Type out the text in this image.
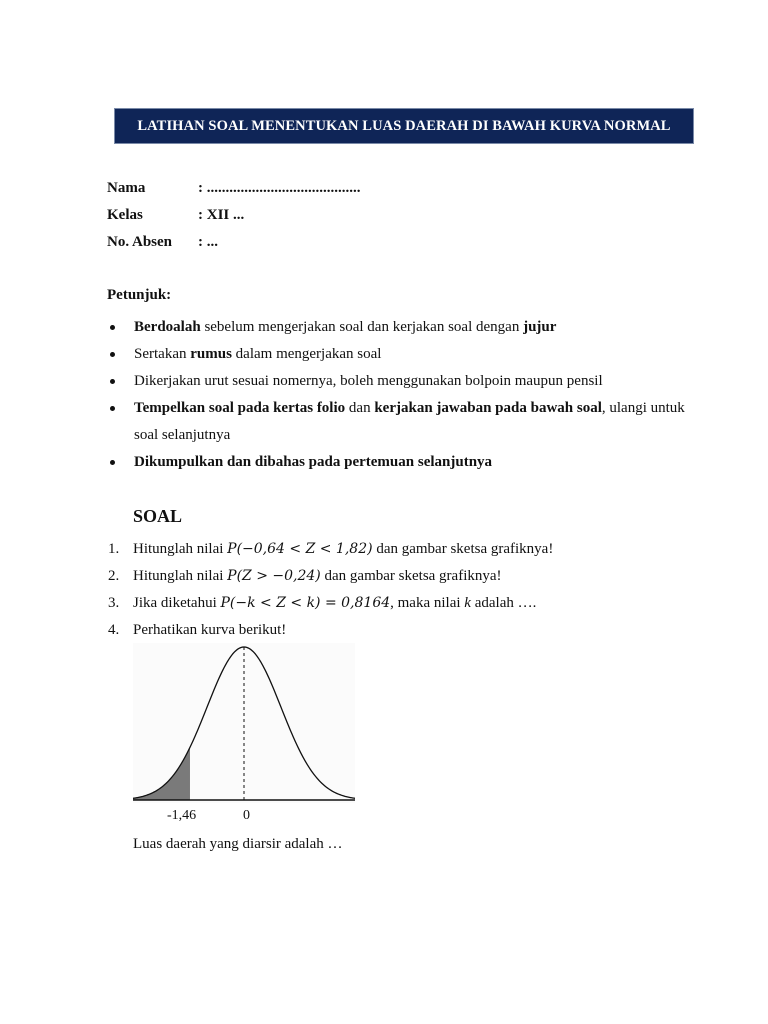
LATIHAN SOAL MENENTUKAN LUAS DAERAH DI BAWAH KURVA NORMAL
Nama	: .........................................
Kelas	: XII ...
No. Absen : ...
Petunjuk:
Berdoalah sebelum mengerjakan soal dan kerjakan soal dengan jujur
Sertakan rumus dalam mengerjakan soal
Dikerjakan urut sesuai nomernya, boleh menggunakan bolpoin maupun pensil
Tempelkan soal pada kertas folio dan kerjakan jawaban pada bawah soal, ulangi untuk soal selanjutnya
Dikumpulkan dan dibahas pada pertemuan selanjutnya
SOAL
1. Hitunglah nilai P(−0,64 < Z < 1,82) dan gambar sketsa grafiknya!
2. Hitunglah nilai P(Z > −0,24) dan gambar sketsa grafiknya!
3. Jika diketahui P(−k < Z < k) = 0,8164, maka nilai k adalah ….
4. Perhatikan kurva berikut!
-1,46	0
Luas daerah yang diarsir adalah …
